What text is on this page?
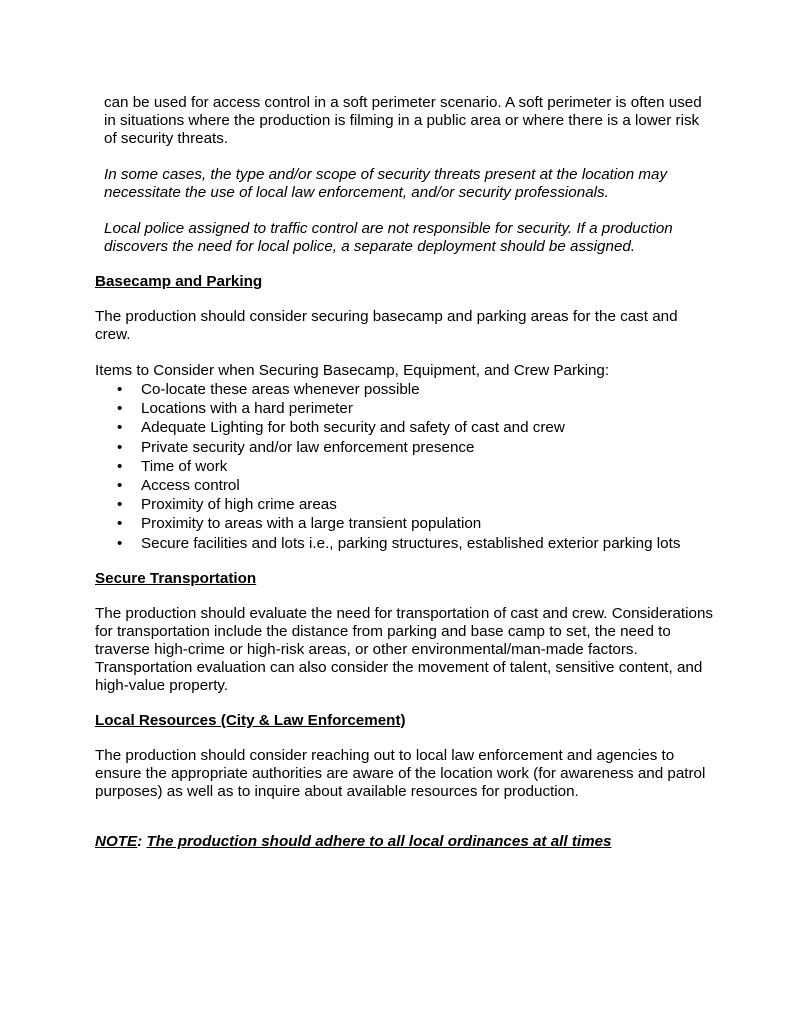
can be used for access control in a soft perimeter scenario. A soft perimeter is often used in situations where the production is filming in a public area or where there is a lower risk of security threats.

In some cases, the type and/or scope of security threats present at the location may necessitate the use of local law enforcement, and/or security professionals.

Local police assigned to traffic control are not responsible for security. If a production discovers the need for local police, a separate deployment should be assigned.

Basecamp and Parking

The production should consider securing basecamp and parking areas for the cast and crew.

Items to Consider when Securing Basecamp, Equipment, and Crew Parking:

• Co-locate these areas whenever possible
• Locations with a hard perimeter
• Adequate Lighting for both security and safety of cast and crew
• Private security and/or law enforcement presence
• Time of work
• Access control
• Proximity of high crime areas
• Proximity to areas with a large transient population
• Secure facilities and lots i.e., parking structures, established exterior parking lots

Secure Transportation

The production should evaluate the need for transportation of cast and crew. Considerations for transportation include the distance from parking and base camp to set, the need to traverse high-crime or high-risk areas, or other environmental/man-made factors. Transportation evaluation can also consider the movement of talent, sensitive content, and high-value property.

Local Resources (City & Law Enforcement)

The production should consider reaching out to local law enforcement and agencies to ensure the appropriate authorities are aware of the location work (for awareness and patrol purposes) as well as to inquire about available resources for production.

NOTE: The production should adhere to all local ordinances at all times
